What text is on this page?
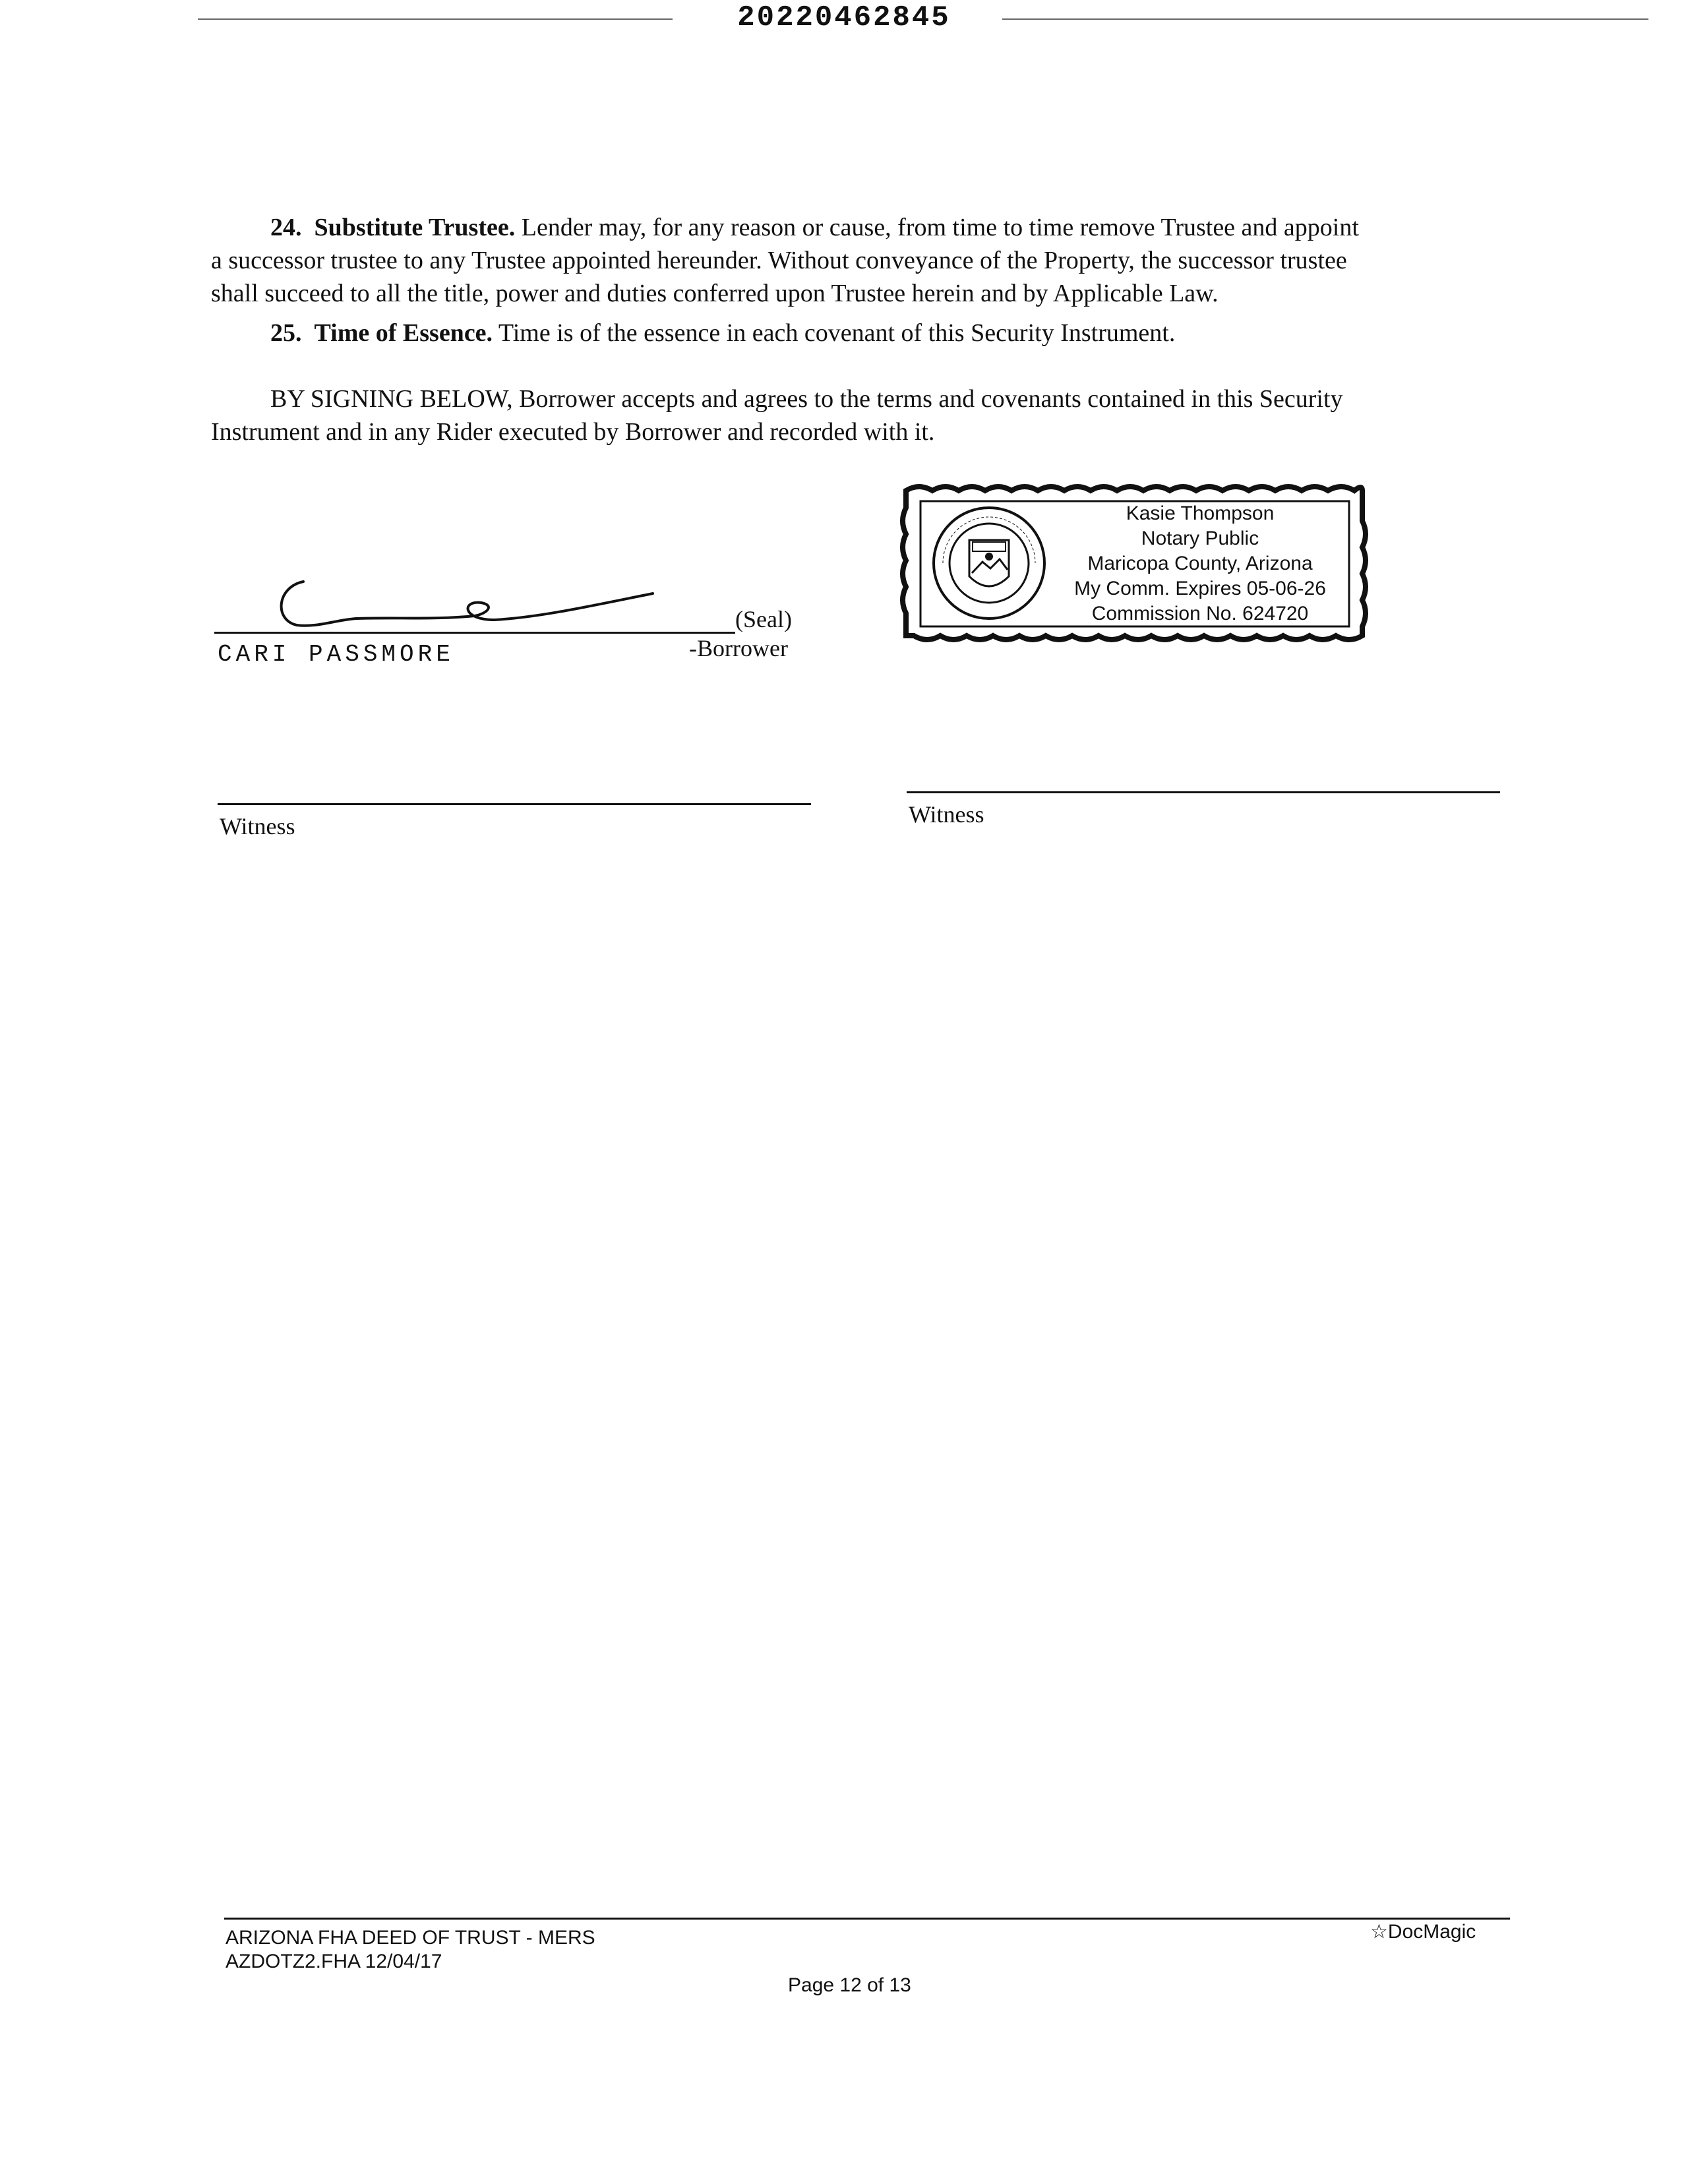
20220462845
24. Substitute Trustee. Lender may, for any reason or cause, from time to time remove Trustee and appoint
a successor trustee to any Trustee appointed hereunder. Without conveyance of the Property, the successor trustee
shall succeed to all the title, power and duties conferred upon Trustee herein and by Applicable Law.
25. Time of Essence. Time is of the essence in each covenant of this Security Instrument.
BY SIGNING BELOW, Borrower accepts and agrees to the terms and covenants contained in this Security
Instrument and in any Rider executed by Borrower and recorded with it.
(Seal)
CARI PASSMORE	-Borrower
Kasie Thompson
Notary Public
Maricopa County, Arizona
My Comm. Expires 05-06-26
Commission No. 624720
Witness	Witness
ARIZONA FHA DEED OF TRUST - MERS
AZDOTZ2.FHA 12/04/17
Page 12 of 13
☆DocMagic
